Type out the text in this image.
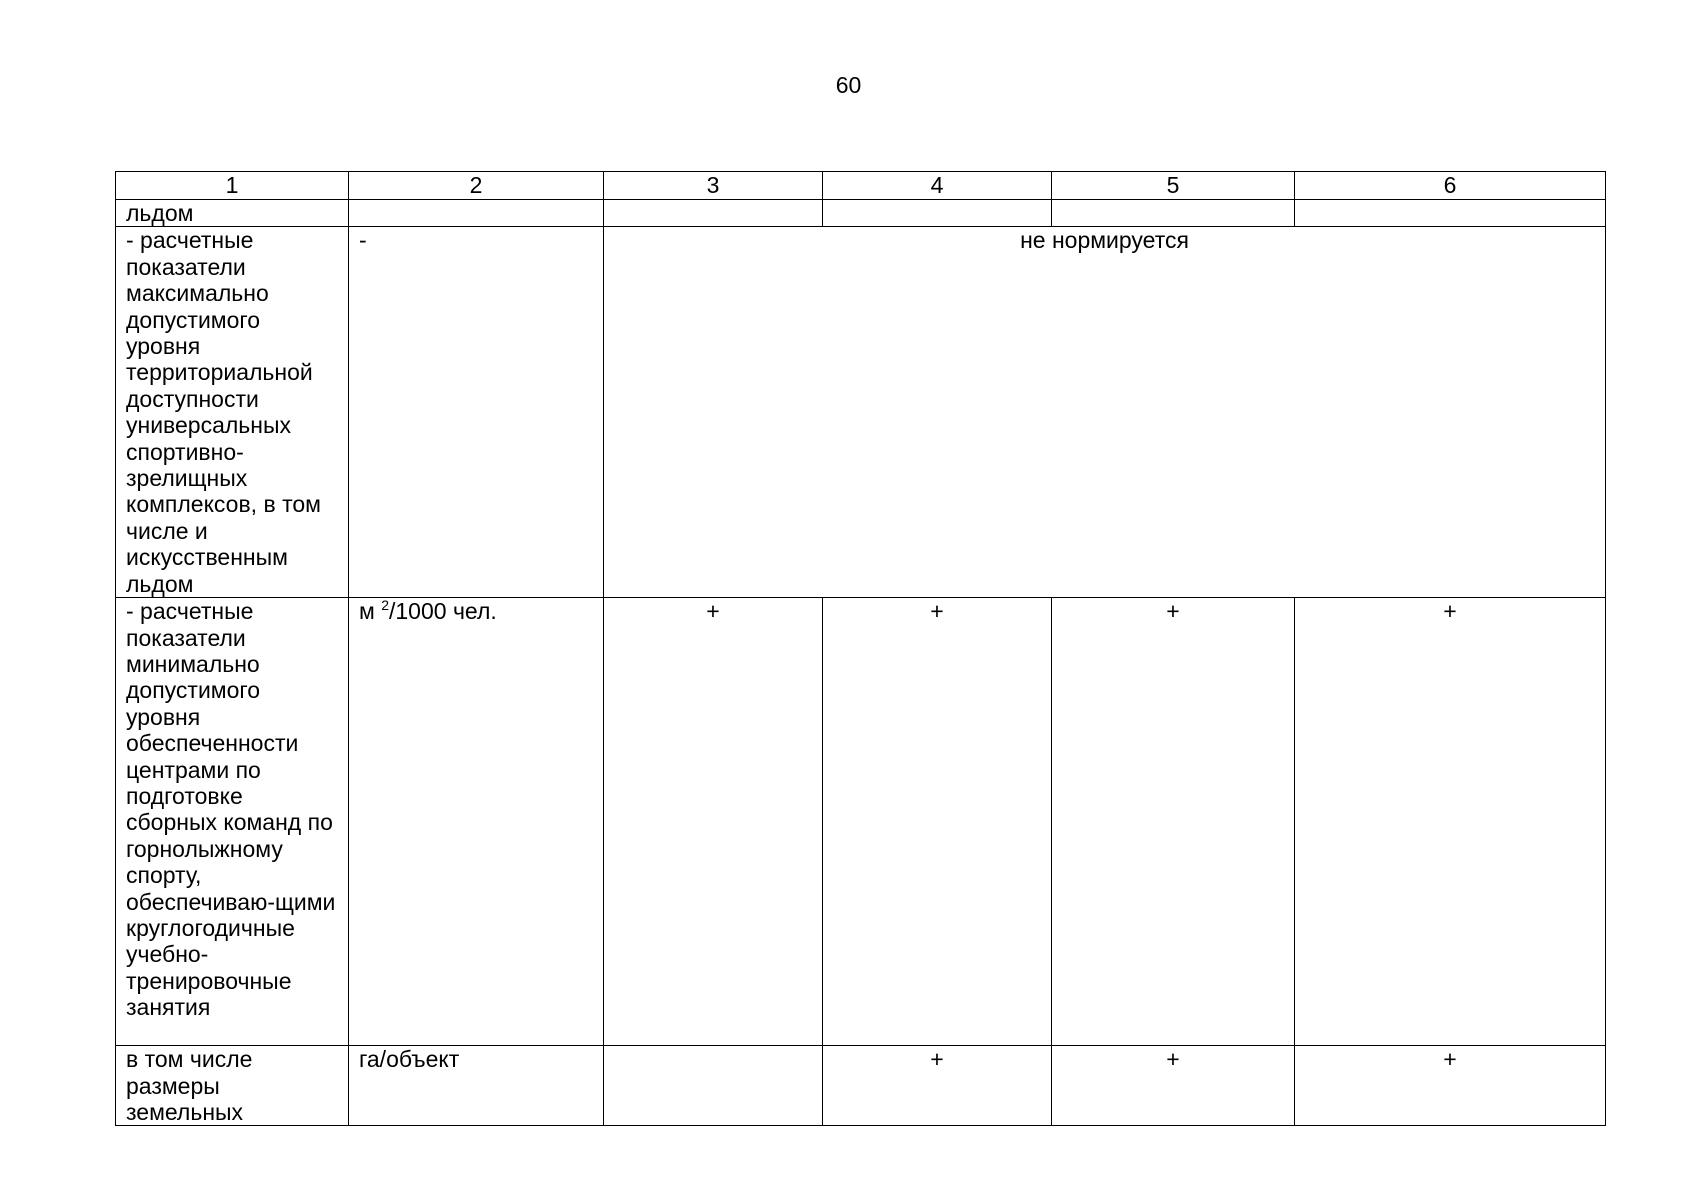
60
1	2	3	4	5	6
льдом					
- расчетные показатели максимально допустимого уровня территориальной доступности универсальных спортивно-зрелищных комплексов, в том числе и искусственным льдом	-	не нормируется			
- расчетные показатели минимально допустимого уровня обеспеченности центрами по подготовке сборных команд по горнолыжному спорту, обеспечиваю-щими круглогодичные учебно-тренировочные занятия	м $^2$/1000 чел.	+	+	+	+
в том числе размеры земельных	га/объект		+	+	+
